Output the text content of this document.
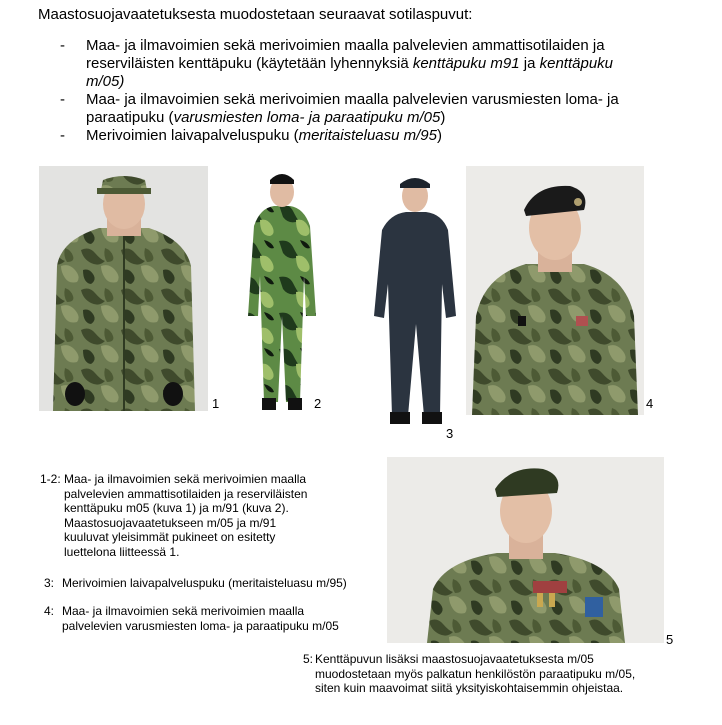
Maastosuojavaatetuksesta muodostetaan seuraavat sotilaspuvut:
- Maa- ja ilmavoimien sekä merivoimien maalla palvelevien ammattisotilaiden ja
reserviläisten kenttäpuku (käytetään lyhennyksiä kenttäpuku m91 ja kenttäpuku
m/05)
- Maa- ja ilmavoimien sekä merivoimien maalla palvelevien varusmiesten loma- ja
paraatipuku (varusmiesten loma- ja paraatipuku m/05)
- Merivoimien laivapalveluspuku (meritaisteluasu m/95)
1	2
3
4
5
1-2: Maa- ja ilmavoimien sekä merivoimien maalla
palvelevien ammattisotilaiden ja reserviläisten
kenttäpuku m05 (kuva 1) ja m/91 (kuva 2).
Maastosuojavaatetukseen m/05 ja m/91
kuuluvat yleisimmät pukineet on esitetty
luettelona liitteessä 1.
3: Merivoimien laivapalveluspuku (meritaisteluasu m/95)
4: Maa- ja ilmavoimien sekä merivoimien maalla
palvelevien varusmiesten loma- ja paraatipuku m/05
5: Kenttäpuvun lisäksi maastosuojavaatetuksesta m/05
muodostetaan myös palkatun henkilöstön paraatipuku m/05,
siten kuin maavoimat siitä yksityiskohtaisemmin ohjeistaa.
